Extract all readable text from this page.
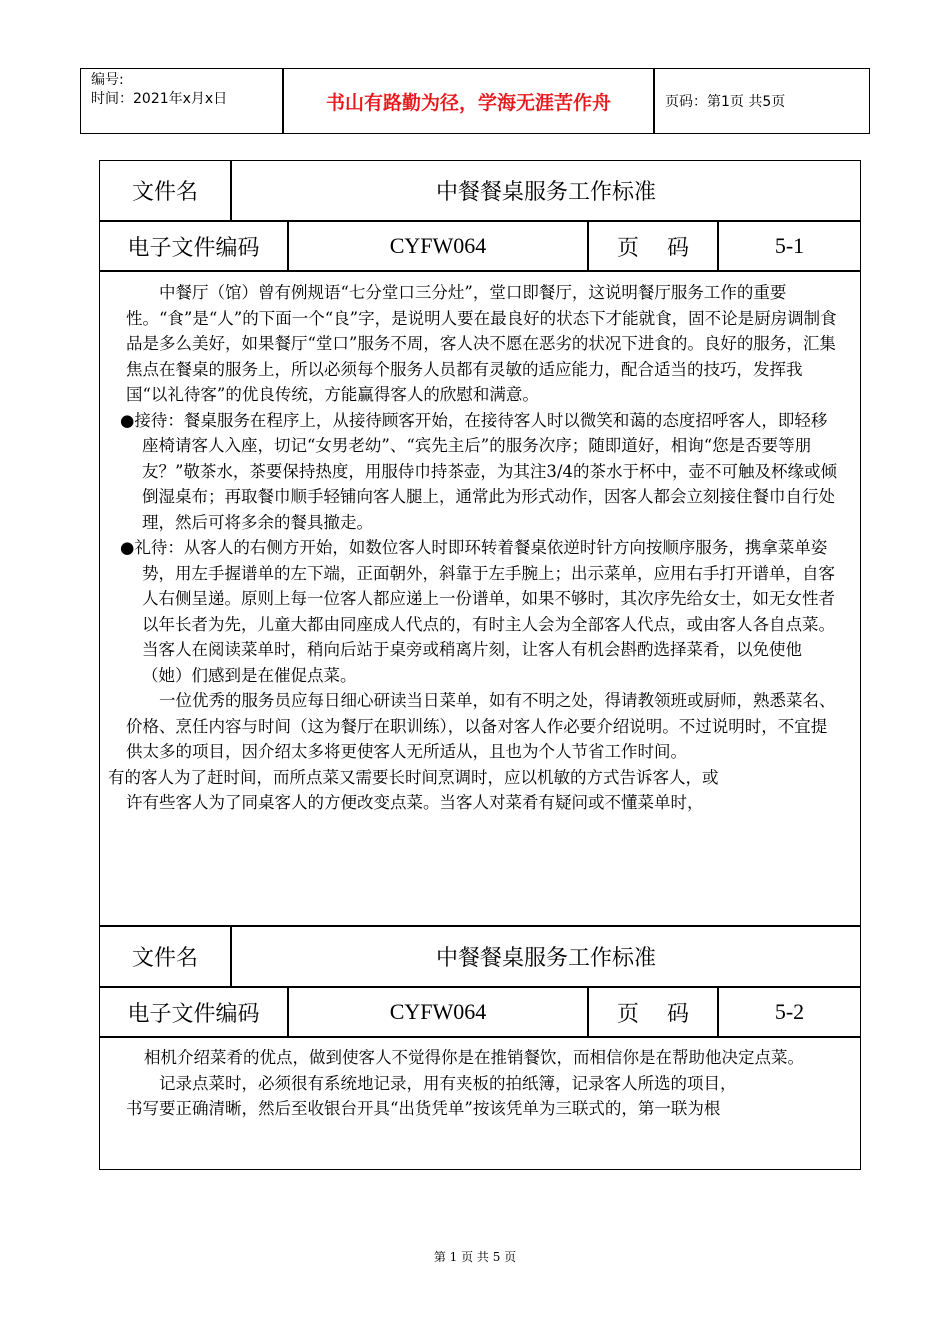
编号:
时间：2021年x月x日	书山有路勤为径，学海无涯苦作舟	页码：第1页 共5页
文件名	中餐餐桌服务工作标准
电子文件编码	CYFW064	页    码	5-1

中餐厅（馆）曾有例规语“七分堂口三分灶”，堂口即餐厅，这说明餐厅服务工作的重要性。“食”是“人”的下面一个“良”字，是说明人要在最良好的状态下才能就食，固不论是厨房调制食品是多么美好，如果餐厅“堂口”服务不周，客人决不愿在恶劣的状况下进食的。良好的服务，汇集焦点在餐桌的服务上，所以必须每个服务人员都有灵敏的适应能力，配合适当的技巧，发挥我国“以礼待客”的优良传统，方能赢得客人的欣慰和满意。

●接待：餐桌服务在程序上，从接待顾客开始，在接待客人时以微笑和蔼的态度招呼客人，即轻移座椅请客人入座，切记“女男老幼”、“宾先主后”的服务次序；随即道好，相询“您是否要等朋友？”敬茶水，茶要保持热度，用服侍巾持茶壶，为其注3/4的茶水于杯中，壶不可触及杯缘或倾倒湿桌布；再取餐巾顺手轻铺向客人腿上，通常此为形式动作，因客人都会立刻接住餐巾自行处理，然后可将多余的餐具撤走。

●礼待：从客人的右侧方开始，如数位客人时即环转着餐桌依逆时针方向按顺序服务，携拿菜单姿势，用左手握谱单的左下端，正面朝外，斜靠于左手腕上；出示菜单，应用右手打开谱单，自客人右侧呈递。原则上每一位客人都应递上一份谱单，如果不够时，其次序先给女士，如无女性者以年长者为先，儿童大都由同座成人代点的，有时主人会为全部客人代点，或由客人各自点菜。当客人在阅读菜单时，稍向后站于桌旁或稍离片刻，让客人有机会斟酌选择菜肴，以免使他（她）们感到是在催促点菜。

一位优秀的服务员应每日细心研读当日菜单，如有不明之处，得请教领班或厨师，熟悉菜名、价格、烹任内容与时间（这为餐厅在职训练），以备对客人作必要介绍说明。不过说明时，不宜提供太多的项目，因介绍太多将更使客人无所适从，且也为个人节省工作时间。

有的客人为了赶时间，而所点菜又需要长时间烹调时，应以机敏的方式告诉客人，或

许有些客人为了同桌客人的方便改变点菜。当客人对菜肴有疑问或不懂菜单时，

文件名	中餐餐桌服务工作标准
电子文件编码	CYFW064	页    码	5-2

相机介绍菜肴的优点，做到使客人不觉得你是在推销餐饮，而相信你是在帮助他决定点菜。

记录点菜时，必须很有系统地记录，用有夹板的拍纸簿，记录客人所选的项目，

书写要正确清晰，然后至收银台开具“出货凭单”按该凭单为三联式的，第一联为根

第 1 页 共 5 页
